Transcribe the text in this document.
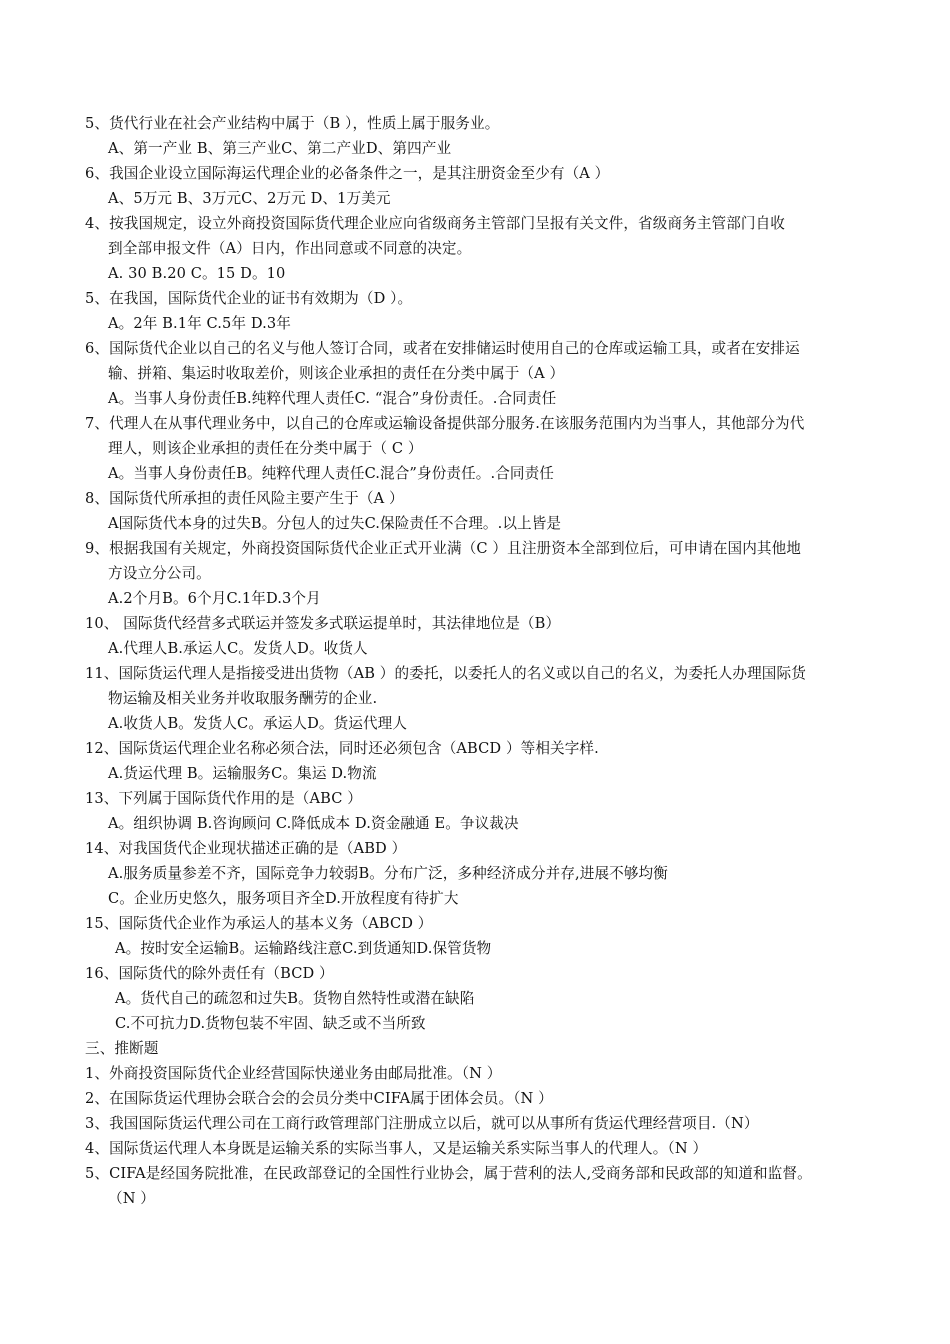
5、货代行业在社会产业结构中属于（B ），性质上属于服务业。
A、第一产业 B、第三产业C、第二产业D、第四产业
6、我国企业设立国际海运代理企业的必备条件之一，是其注册资金至少有（A ）
A、5万元 B、3万元C、2万元 D、1万美元
4、按我国规定，设立外商投资国际货代理企业应向省级商务主管部门呈报有关文件，省级商务主管部门自收
到全部申报文件（A）日内，作出同意或不同意的决定。
A. 30 B.20 C。15 D。10
5、在我国，国际货代企业的证书有效期为（D ）。
A。2年 B.1年 C.5年 D.3年
6、国际货代企业以自己的名义与他人签订合同，或者在安排储运时使用自己的仓库或运输工具，或者在安排运
输、拼箱、集运时收取差价，则该企业承担的责任在分类中属于（A ）
A。当事人身份责任B.纯粹代理人责任C. “混合”身份责任。.合同责任
7、代理人在从事代理业务中，以自己的仓库或运输设备提供部分服务.在该服务范围内为当事人，其他部分为代
理人，则该企业承担的责任在分类中属于（ C ）
A。当事人身份责任B。纯粹代理人责任C.混合”身份责任。.合同责任
8、国际货代所承担的责任风险主要产生于（A ）
A国际货代本身的过失B。分包人的过失C.保险责任不合理。.以上皆是
9、根据我国有关规定，外商投资国际货代企业正式开业满（C ）且注册资本全部到位后，可申请在国内其他地
方设立分公司。
A.2个月B。6个月C.1年D.3个月
10、 国际货代经营多式联运并签发多式联运提单时，其法律地位是（B）
A.代理人B.承运人C。发货人D。收货人
11、国际货运代理人是指接受进出货物（AB ）的委托，以委托人的名义或以自己的名义，为委托人办理国际货
物运输及相关业务并收取服务酬劳的企业.
A.收货人B。发货人C。承运人D。货运代理人
12、国际货运代理企业名称必须合法，同时还必须包含（ABCD ）等相关字样.
A.货运代理 B。运输服务C。集运 D.物流
13、下列属于国际货代作用的是（ABC ）
A。组织协调 B.咨询顾问 C.降低成本 D.资金融通 E。争议裁决
14、对我国货代企业现状描述正确的是（ABD ）
A.服务质量参差不齐，国际竞争力较弱B。分布广泛，多种经济成分并存,进展不够均衡
C。企业历史悠久，服务项目齐全D.开放程度有待扩大
15、国际货代企业作为承运人的基本义务（ABCD ）
A。按时安全运输B。运输路线注意C.到货通知D.保管货物
16、国际货代的除外责任有（BCD ）
A。货代自己的疏忽和过失B。货物自然特性或潜在缺陷
C.不可抗力D.货物包装不牢固、缺乏或不当所致
三、推断题
1、外商投资国际货代企业经营国际快递业务由邮局批准。（N ）
2、在国际货运代理协会联合会的会员分类中CIFA属于团体会员。（N ）
3、我国国际货运代理公司在工商行政管理部门注册成立以后，就可以从事所有货运代理经营项目.（N）
4、国际货运代理人本身既是运输关系的实际当事人，又是运输关系实际当事人的代理人。（N ）
5、CIFA是经国务院批准，在民政部登记的全国性行业协会，属于营利的法人,受商务部和民政部的知道和监督。
（N ）
